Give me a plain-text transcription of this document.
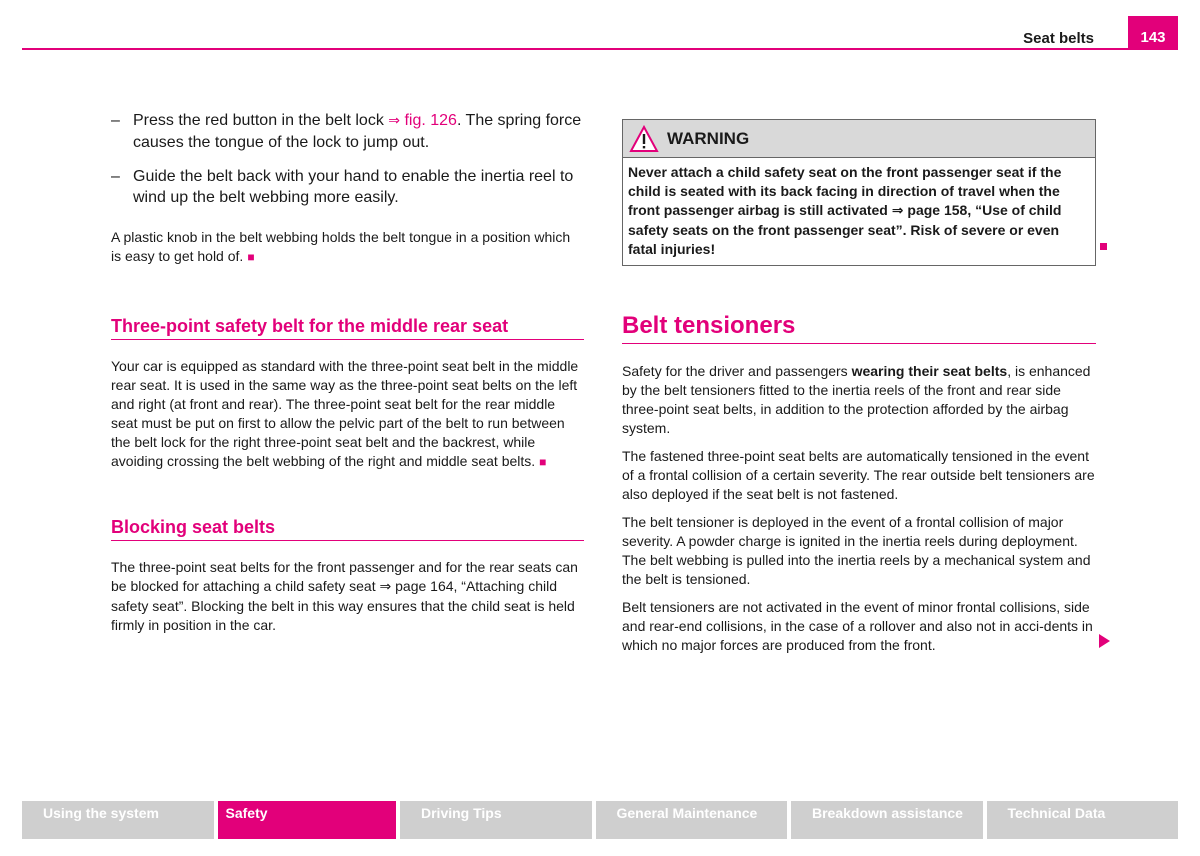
Seat belts	143
– Press the red button in the belt lock ⇒ fig. 126. The spring force causes the tongue of the lock to jump out.
– Guide the belt back with your hand to enable the inertia reel to wind up the belt webbing more easily.

A plastic knob in the belt webbing holds the belt tongue in a position which is easy to get hold of. ■

Three-point safety belt for the middle rear seat

Your car is equipped as standard with the three-point seat belt in the middle rear seat. It is used in the same way as the three-point seat belts on the left and right (at front and rear). The three-point seat belt for the rear middle seat must be put on first to allow the pelvic part of the belt to run between the belt lock for the right three-point seat belt and the backrest, while avoiding crossing the belt webbing of the right and middle seat belts. ■

Blocking seat belts

The three-point seat belts for the front passenger and for the rear seats can be blocked for attaching a child safety seat ⇒ page 164, “Attaching child safety seat”. Blocking the belt in this way ensures that the child seat is held firmly in position in the car.

WARNING
Never attach a child safety seat on the front passenger seat if the child is seated with its back facing in direction of travel when the front passenger airbag is still activated ⇒ page 158, “Use of child safety seats on the front passenger seat”. Risk of severe or even fatal injuries!
Belt tensioners

Safety for the driver and passengers wearing their seat belts, is enhanced by the belt tensioners fitted to the inertia reels of the front and rear side three-point seat belts, in addition to the protection afforded by the airbag system.

The fastened three-point seat belts are automatically tensioned in the event of a frontal collision of a certain severity. The rear outside belt tensioners are also deployed if the seat belt is not fastened.

The belt tensioner is deployed in the event of a frontal collision of major severity. A powder charge is ignited in the inertia reels during deployment. The belt webbing is pulled into the inertia reels by a mechanical system and the belt is tensioned.

Belt tensioners are not activated in the event of minor frontal collisions, side and rear-end collisions, in the case of a rollover and also not in acci-dents in which no major forces are produced from the front.

Using the system	Safety	Driving Tips	General Maintenance	Breakdown assistance	Technical Data
